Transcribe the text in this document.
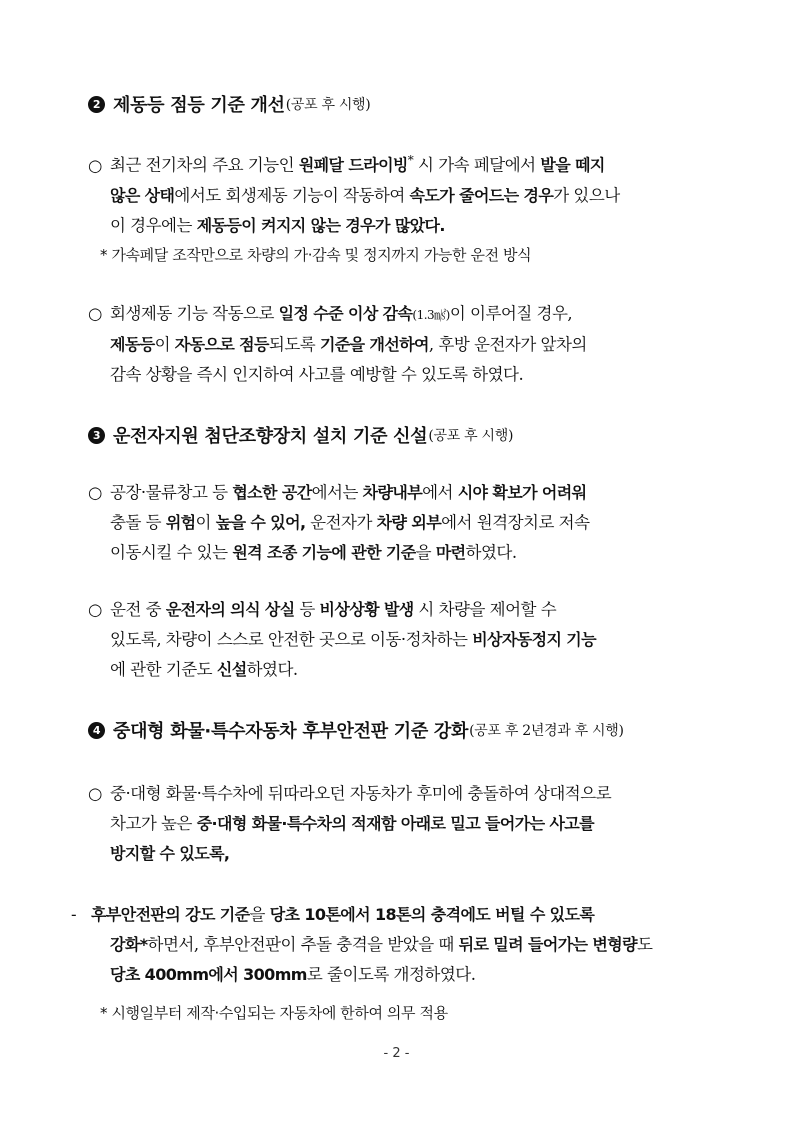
2 제동등 점등 기준 개선 (공포 후 시행)
○ 최근 전기차의 주요 기능인 원페달 드라이빙* 시 가속 페달에서 발을 떼지
않은 상태에서도 회생제동 기능이 작동하여 속도가 줄어드는 경우가 있으나
이 경우에는 제동등이 켜지지 않는 경우가 많았다.
* 가속페달 조작만으로 차량의 가·감속 및 정지까지 가능한 운전 방식
○ 회생제동 기능 작동으로 일정 수준 이상 감속(1.3㎨)이 이루어질 경우,
제동등이 자동으로 점등되도록 기준을 개선하여, 후방 운전자가 앞차의
감속 상황을 즉시 인지하여 사고를 예방할 수 있도록 하였다.
3 운전자지원 첨단조향장치 설치 기준 신설 (공포 후 시행)
○ 공장·물류창고 등 협소한 공간에서는 차량내부에서 시야 확보가 어려워
충돌 등 위험이 높을 수 있어, 운전자가 차량 외부에서 원격장치로 저속
이동시킬 수 있는 원격 조종 기능에 관한 기준을 마련하였다.
○ 운전 중 운전자의 의식 상실 등 비상상황 발생 시 차량을 제어할 수
있도록, 차량이 스스로 안전한 곳으로 이동·정차하는 비상자동정지 기능
에 관한 기준도 신설하였다.
4 중대형 화물·특수자동차 후부안전판 기준 강화 (공포 후 2년경과 후 시행)
○ 중·대형 화물·특수차에 뒤따라오던 자동차가 후미에 충돌하여 상대적으로
차고가 높은 중·대형 화물·특수차의 적재함 아래로 밀고 들어가는 사고를
방지할 수 있도록,
- 후부안전판의 강도 기준을 당초 10톤에서 18톤의 충격에도 버틸 수 있도록
강화*하면서, 후부안전판이 추돌 충격을 받았을 때 뒤로 밀려 들어가는 변형량도
당초 400mm에서 300mm로 줄이도록 개정하였다.
* 시행일부터 제작·수입되는 자동차에 한하여 의무 적용
- 2 -
